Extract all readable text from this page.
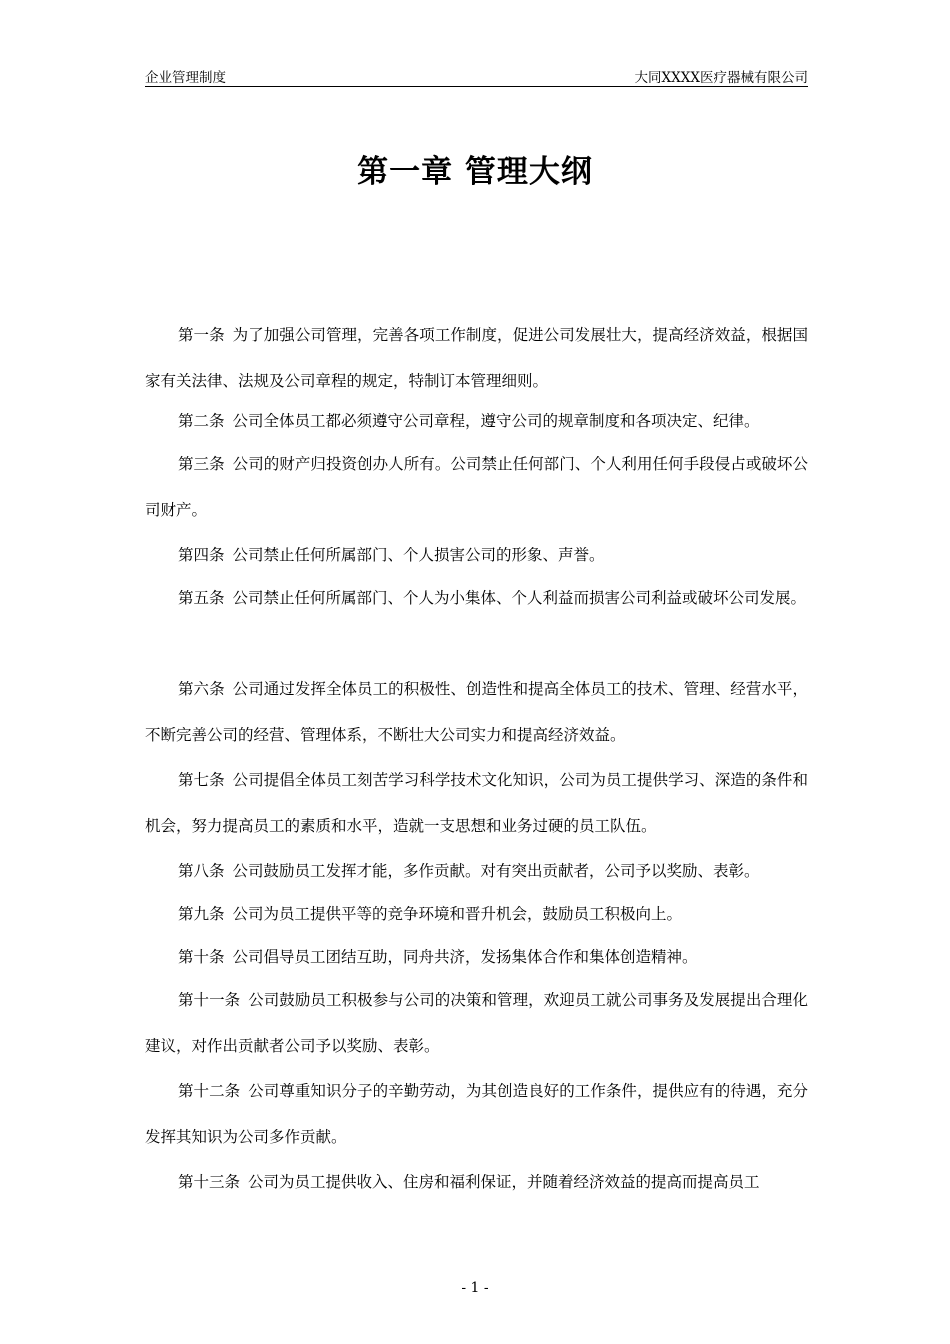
企业管理制度	大同XXXX医疗器械有限公司
第一章 管理大纲

第一条 为了加强公司管理，完善各项工作制度，促进公司发展壮大，提高经济效益，根据国家有关法律、法规及公司章程的规定，特制订本管理细则。

第二条 公司全体员工都必须遵守公司章程，遵守公司的规章制度和各项决定、纪律。

第三条 公司的财产归投资创办人所有。公司禁止任何部门、个人利用任何手段侵占或破坏公司财产。

第四条 公司禁止任何所属部门、个人损害公司的形象、声誉。

第五条 公司禁止任何所属部门、个人为小集体、个人利益而损害公司利益或破坏公司发展。

第六条 公司通过发挥全体员工的积极性、创造性和提高全体员工的技术、管理、经营水平，不断完善公司的经营、管理体系，不断壮大公司实力和提高经济效益。

第七条 公司提倡全体员工刻苦学习科学技术文化知识，公司为员工提供学习、深造的条件和机会，努力提高员工的素质和水平，造就一支思想和业务过硬的员工队伍。

第八条 公司鼓励员工发挥才能，多作贡献。对有突出贡献者，公司予以奖励、表彰。

第九条 公司为员工提供平等的竞争环境和晋升机会，鼓励员工积极向上。

第十条 公司倡导员工团结互助，同舟共济，发扬集体合作和集体创造精神。

第十一条 公司鼓励员工积极参与公司的决策和管理，欢迎员工就公司事务及发展提出合理化建议，对作出贡献者公司予以奖励、表彰。

第十二条 公司尊重知识分子的辛勤劳动，为其创造良好的工作条件，提供应有的待遇，充分发挥其知识为公司多作贡献。

第十三条 公司为员工提供收入、住房和福利保证，并随着经济效益的提高而提高员工

- 1 -
